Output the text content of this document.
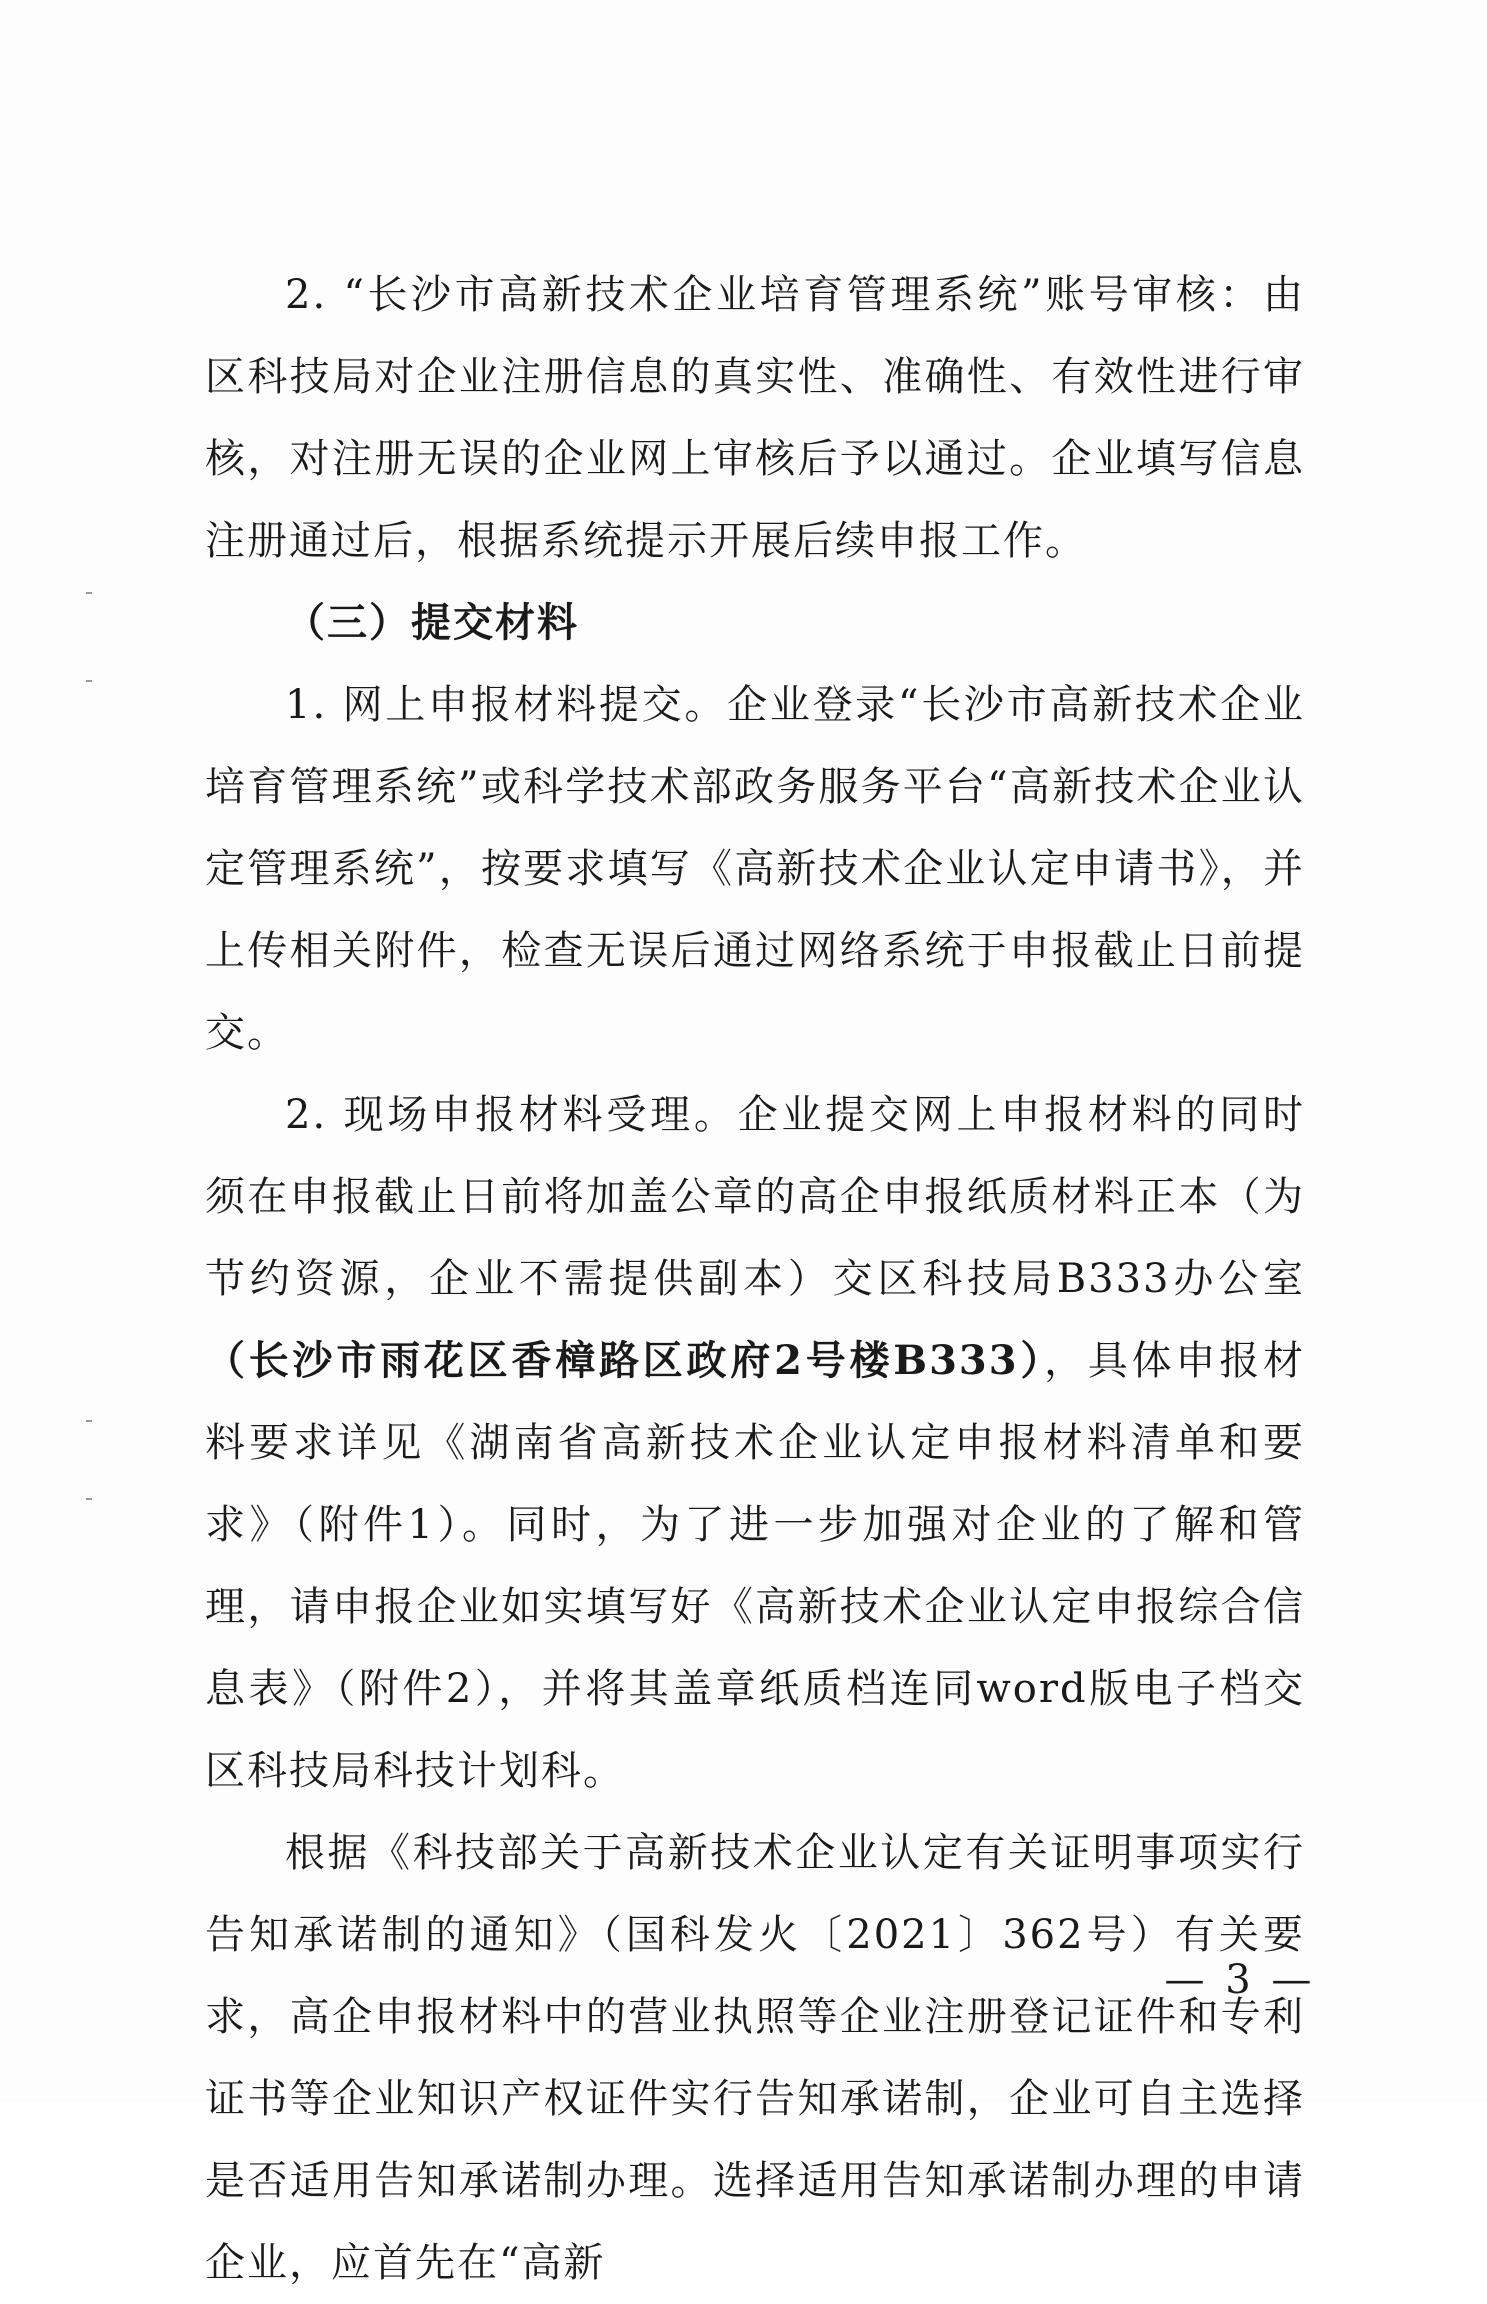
2. “长沙市高新技术企业培育管理系统”账号审核：由区科技局对企业注册信息的真实性、准确性、有效性进行审核，对注册无误的企业网上审核后予以通过。企业填写信息注册通过后，根据系统提示开展后续申报工作。

（三）提交材料

1. 网上申报材料提交。企业登录“长沙市高新技术企业培育管理系统”或科学技术部政务服务平台“高新技术企业认定管理系统”，按要求填写《高新技术企业认定申请书》，并上传相关附件，检查无误后通过网络系统于申报截止日前提交。

2. 现场申报材料受理。企业提交网上申报材料的同时须在申报截止日前将加盖公章的高企申报纸质材料正本（为节约资源，企业不需提供副本）交区科技局B333办公室（长沙市雨花区香樟路区政府2号楼B333），具体申报材料要求详见《湖南省高新技术企业认定申报材料清单和要求》（附件1）。同时，为了进一步加强对企业的了解和管理，请申报企业如实填写好《高新技术企业认定申报综合信息表》（附件2），并将其盖章纸质档连同word版电子档交区科技局科技计划科。

根据《科技部关于高新技术企业认定有关证明事项实行告知承诺制的通知》（国科发火〔2021〕362号）有关要求，高企申报材料中的营业执照等企业注册登记证件和专利证书等企业知识产权证件实行告知承诺制，企业可自主选择是否适用告知承诺制办理。选择适用告知承诺制办理的申请企业，应首先在“高新

— 3 —
